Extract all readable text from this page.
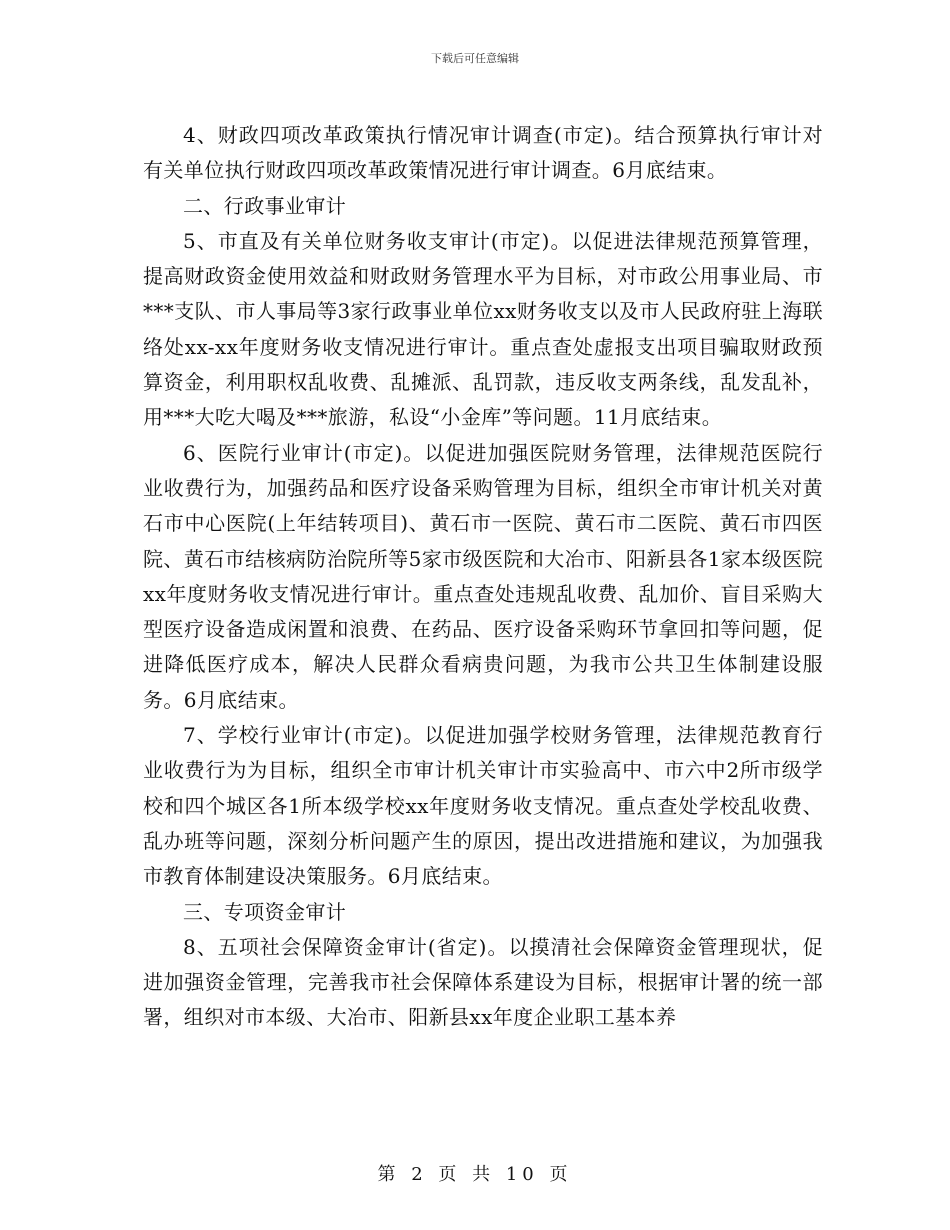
下载后可任意编辑

4、财政四项改革政策执行情况审计调查(市定)。结合预算执行审计对有关单位执行财政四项改革政策情况进行审计调查。6月底结束。

二、行政事业审计

5、市直及有关单位财务收支审计(市定)。以促进法律规范预算管理，提高财政资金使用效益和财政财务管理水平为目标，对市政公用事业局、市***支队、市人事局等3家行政事业单位xx财务收支以及市人民政府驻上海联络处xx-xx年度财务收支情况进行审计。重点查处虚报支出项目骗取财政预算资金，利用职权乱收费、乱摊派、乱罚款，违反收支两条线，乱发乱补，用***大吃大喝及***旅游，私设“小金库”等问题。11月底结束。

6、医院行业审计(市定)。以促进加强医院财务管理，法律规范医院行业收费行为，加强药品和医疗设备采购管理为目标，组织全市审计机关对黄石市中心医院(上年结转项目)、黄石市一医院、黄石市二医院、黄石市四医院、黄石市结核病防治院所等5家市级医院和大冶市、阳新县各1家本级医院xx年度财务收支情况进行审计。重点查处违规乱收费、乱加价、盲目采购大型医疗设备造成闲置和浪费、在药品、医疗设备采购环节拿回扣等问题，促进降低医疗成本，解决人民群众看病贵问题，为我市公共卫生体制建设服务。6月底结束。

7、学校行业审计(市定)。以促进加强学校财务管理，法律规范教育行业收费行为为目标，组织全市审计机关审计市实验高中、市六中2所市级学校和四个城区各1所本级学校xx年度财务收支情况。重点查处学校乱收费、乱办班等问题，深刻分析问题产生的原因，提出改进措施和建议，为加强我市教育体制建设决策服务。6月底结束。

三、专项资金审计

8、五项社会保障资金审计(省定)。以摸清社会保障资金管理现状，促进加强资金管理，完善我市社会保障体系建设为目标，根据审计署的统一部署，组织对市本级、大冶市、阳新县xx年度企业职工基本养

第 2 页 共 10 页
